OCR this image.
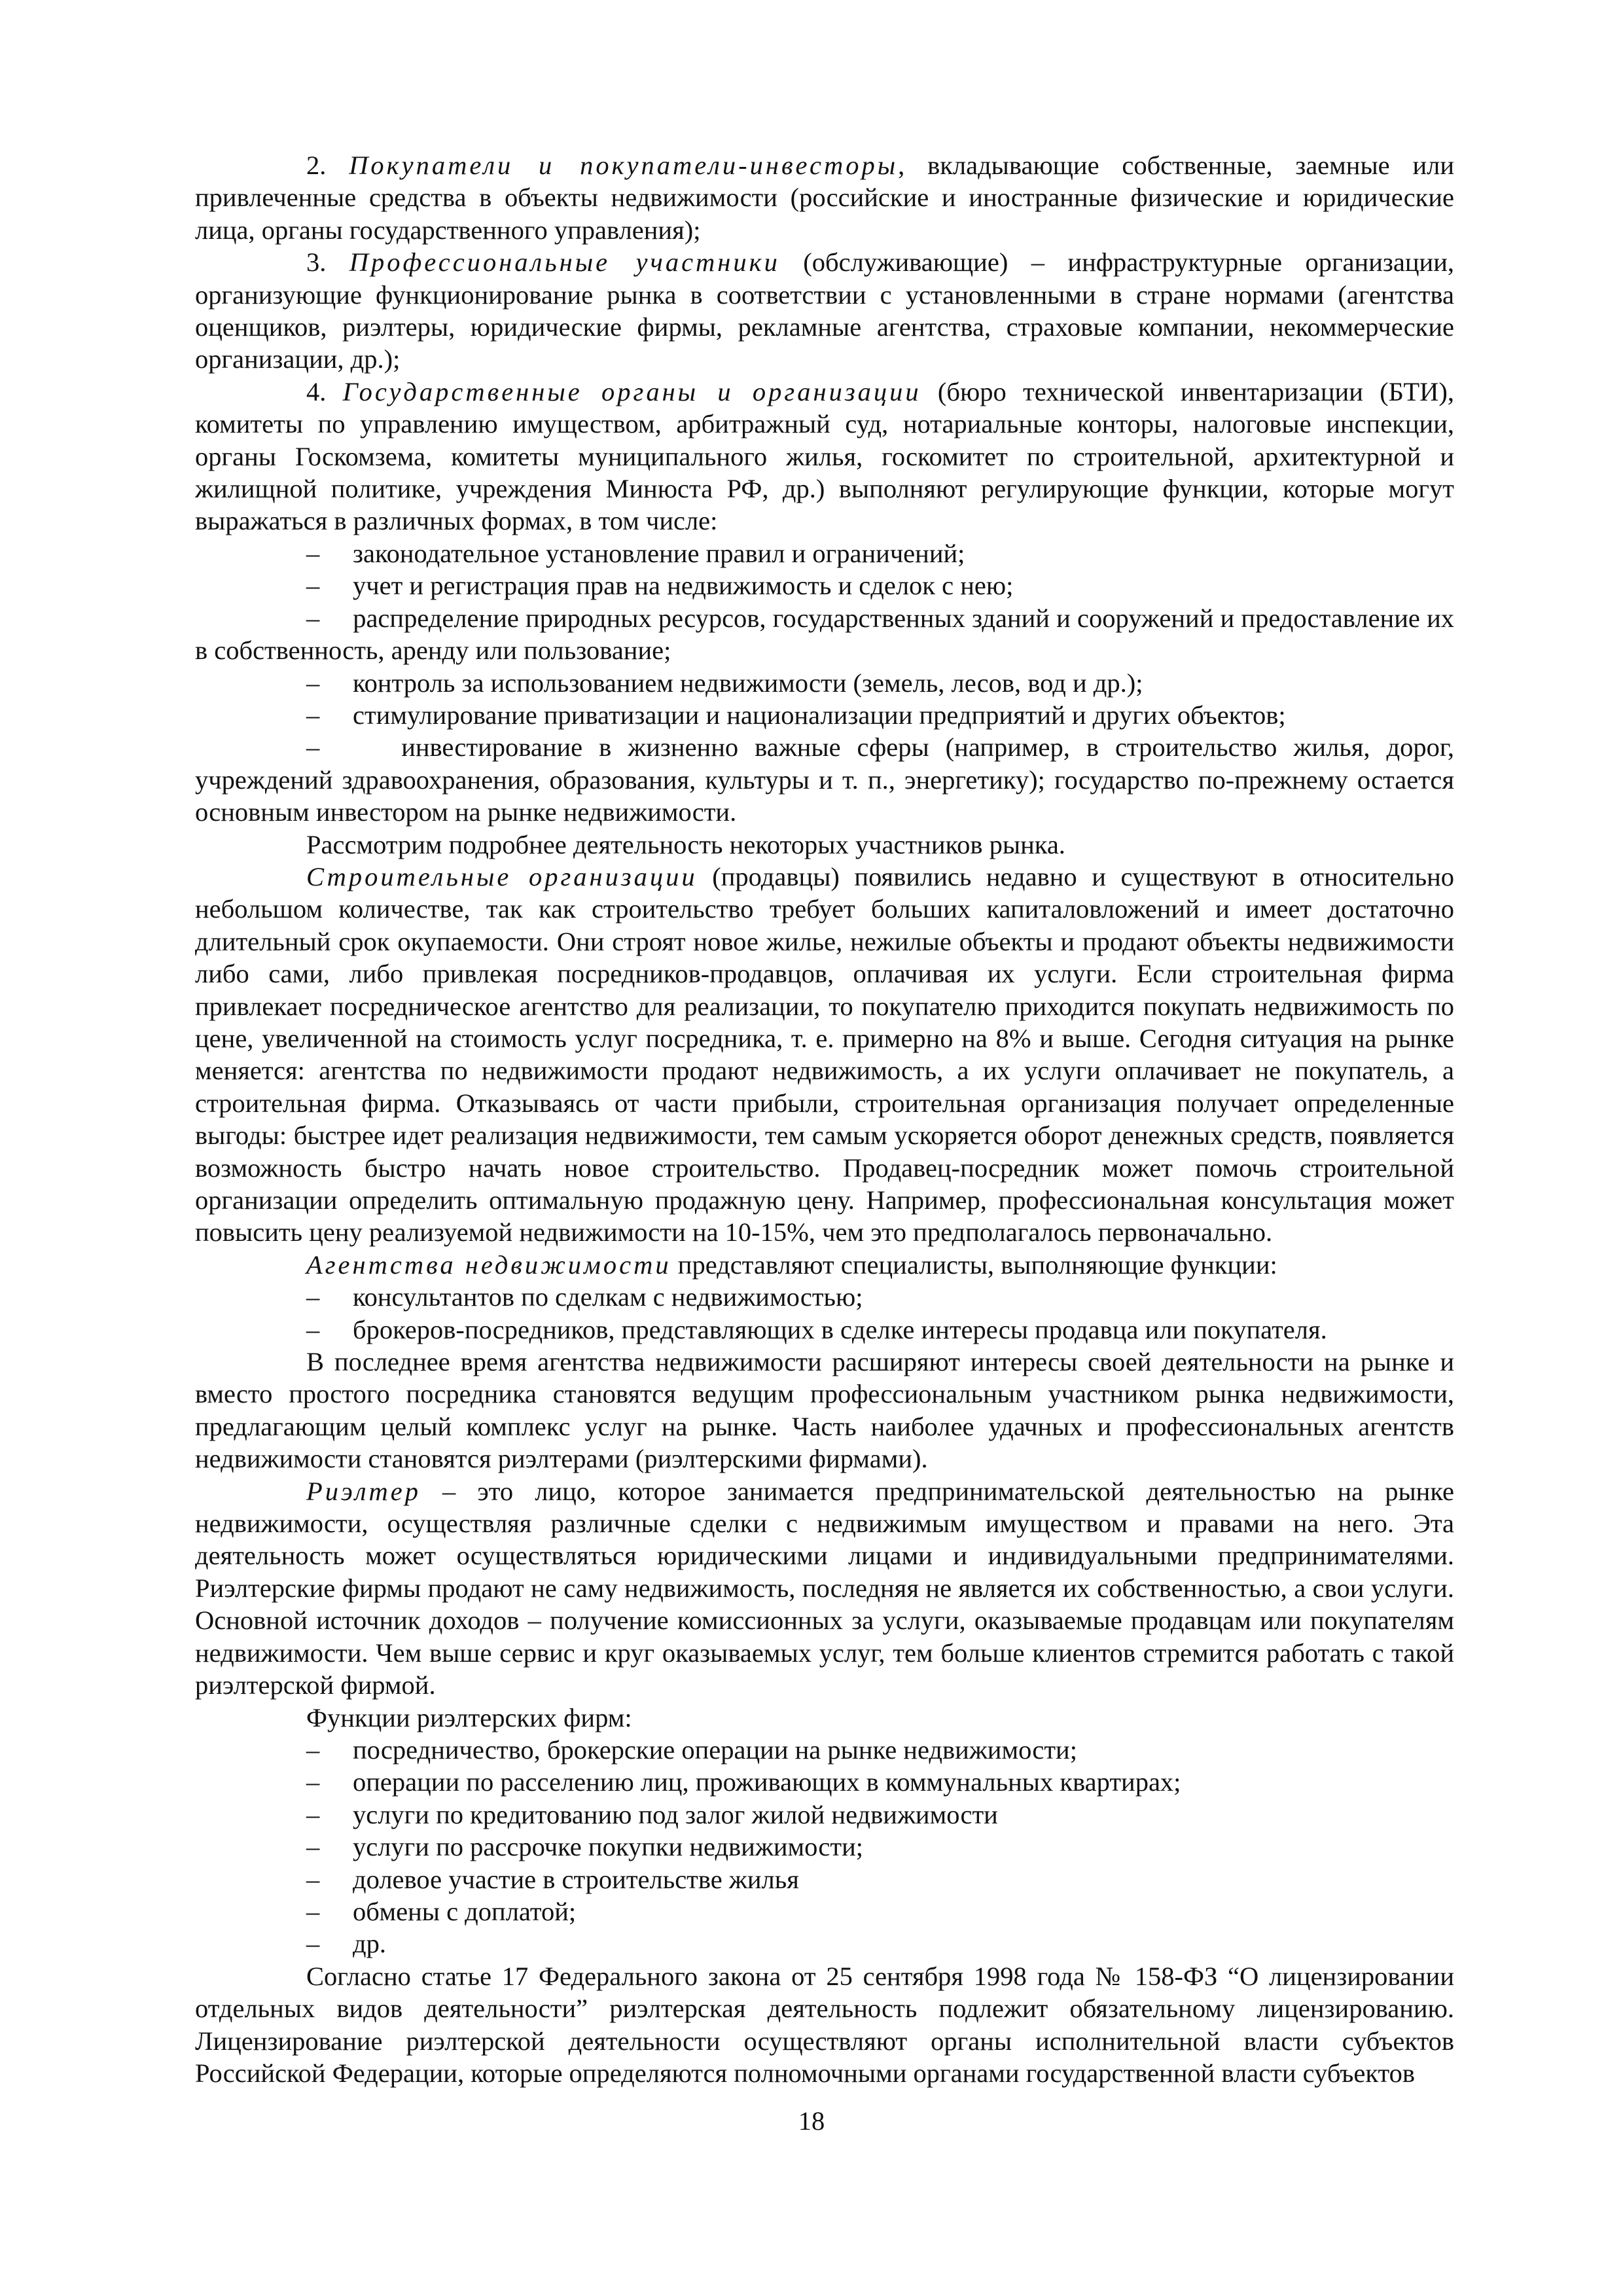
2. Покупатели и покупатели-инвесторы, вкладывающие собственные, заемные или привлеченные средства в объекты недвижимости (российские и иностранные физические и юридические лица, органы государственного управления);

3. Профессиональные участники (обслуживающие) – инфраструктурные организации, организующие функционирование рынка в соответствии с установленными в стране нормами (агентства оценщиков, риэлтеры, юридические фирмы, рекламные агентства, страховые компании, некоммерческие организации, др.);

4. Государственные органы и организации (бюро технической инвентаризации (БТИ), комитеты по управлению имуществом, арбитражный суд, нотариальные конторы, налоговые инспекции, органы Госкомзема, комитеты муниципального жилья, госкомитет по строительной, архитектурной и жилищной политике, учреждения Минюста РФ, др.) выполняют регулирующие функции, которые могут выражаться в различных формах, в том числе:

–	законодательное установление правил и ограничений;
–	учет и регистрация прав на недвижимость и сделок с нею;

– распределение природных ресурсов, государственных зданий и сооружений и предоставление их в собственность, аренду или пользование;

–	контроль за использованием недвижимости (земель, лесов, вод и др.);
–	стимулирование приватизации и национализации предприятий и других объектов;

–	инвестирование в жизненно важные сферы (например, в строительство жилья, дорог, учреждений здравоохранения, образования, культуры и т. п., энергетику); государство по-прежнему остается основным инвестором на рынке недвижимости.

Рассмотрим подробнее деятельность некоторых участников рынка.

Строительные организации (продавцы) появились недавно и существуют в относительно небольшом количестве, так как строительство требует больших капиталовложений и имеет достаточно длительный срок окупаемости. Они строят новое жилье, нежилые объекты и продают объекты недвижимости либо сами, либо привлекая посредников-продавцов, оплачивая их услуги. Если строительная фирма привлекает посредническое агентство для реализации, то покупателю приходится покупать недвижимость по цене, увеличенной на стоимость услуг посредника, т. е. примерно на 8% и выше. Сегодня ситуация на рынке меняется: агентства по недвижимости продают недвижимость, а их услуги оплачивает не покупатель, а строительная фирма. Отказываясь от части прибыли, строительная организация получает определенные выгоды: быстрее идет реализация недвижимости, тем самым ускоряется оборот денежных средств, появляется возможность быстро начать новое строительство. Продавец-посредник может помочь строительной организации определить оптимальную продажную цену. Например, профессиональная консультация может повысить цену реализуемой недвижимости на 10-15%, чем это предполагалось первоначально.

Агентства недвижимости представляют специалисты, выполняющие функции:

–	консультантов по сделкам с недвижимостью;
–	брокеров-посредников, представляющих в сделке интересы продавца или покупателя.

В последнее время агентства недвижимости расширяют интересы своей деятельности на рынке и вместо простого посредника становятся ведущим профессиональным участником рынка недвижимости, предлагающим целый комплекс услуг на рынке. Часть наиболее удачных и профессиональных агентств недвижимости становятся риэлтерами (риэлтерскими фирмами).

Риэлтер – это лицо, которое занимается предпринимательской деятельностью на рынке недвижимости, осуществляя различные сделки с недвижимым имуществом и правами на него. Эта деятельность может осуществляться юридическими лицами и индивидуальными предпринимателями. Риэлтерские фирмы продают не саму недвижимость, последняя не является их собственностью, а свои услуги. Основной источник доходов – получение комиссионных за услуги, оказываемые продавцам или покупателям недвижимости. Чем выше сервис и круг оказываемых услуг, тем больше клиентов стремится работать с такой риэлтерской фирмой.

Функции риэлтерских фирм:

–	посредничество, брокерские операции на рынке недвижимости;
–	операции по расселению лиц, проживающих в коммунальных квартирах;
–	услуги по кредитованию под залог жилой недвижимости
–	услуги по рассрочке покупки недвижимости;
–	долевое участие в строительстве жилья
–	обмены с доплатой;
–	др.

Согласно статье 17 Федерального закона от 25 сентября 1998 года № 158-ФЗ “О лицензировании отдельных видов деятельности” риэлтерская деятельность подлежит обязательному лицензированию. Лицензирование риэлтерской деятельности осуществляют органы исполнительной власти субъектов Российской Федерации, которые определяются полномочными органами государственной власти субъектов

18
